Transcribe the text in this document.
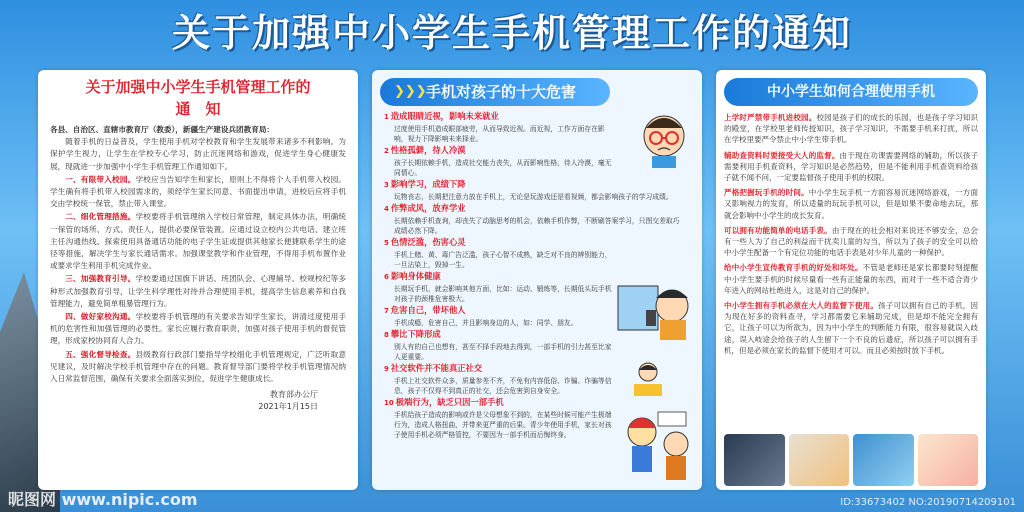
关于加强中小学生手机管理工作的通知
关于加强中小学生手机管理工作的
通　知
各县、自治区、直辖市教育厅（教委），新疆生产建设兵团教育局：

随着手机的日益普及，学生使用手机对学校教育和学生发展带来诸多不利影响。为保护学生视力，让学生在学校专心学习，防止沉迷网络和游戏，促进学生身心健康发展，现就进一步加强中小学生手机管理工作通知如下。

一、有限带入校园。学校应当告知学生和家长，原则上不得将个人手机带入校园。学生确有将手机带入校园需求的，须经学生家长同意、书面提出申请，进校后应将手机交由学校统一保管，禁止带入课堂。

二、细化管理措施。学校要将手机管理纳入学校日常管理，制定具体办法，明确统一保管的场所、方式、责任人，提供必要保管装置。应通过设立校内公共电话、建立班主任沟通热线、探索使用具备通话功能的电子学生证或提供其他家长便捷联系学生的途径等措施，解决学生与家长通话需求。加强课堂教学和作业管理，不得用手机布置作业或要求学生利用手机完成作业。

三、加强教育引导。学校要通过国旗下讲话、班团队会、心理辅导、校规校纪等多种形式加强教育引导，让学生科学理性对待并合理使用手机，提高学生信息素养和自我管理能力，避免简单粗暴管理行为。

四、做好家校沟通。学校要将手机管理的有关要求告知学生家长，讲清过度使用手机的危害性和加强管理的必要性。家长应履行教育职责，加强对孩子使用手机的督促管理，形成家校协同育人合力。

五、强化督导检查。县级教育行政部门要指导学校细化手机管理规定，广泛听取意见建议，及时解决学校手机管理中存在的问题。教育督导部门要将学校手机管理情况纳入日常监督范围，确保有关要求全面落实到位，促进学生健康成长。

教育部办公厅
2021年1月15日
❯❯❯ 手机对孩子的十大危害
1 造成眼睛近视，影响未来就业
过度使用手机造成眼部疲劳，从而导致近视。而近视，工作方面存在影响，视力下降影响未来择业。
2 性格孤僻，待人冷漠
孩子长期依赖手机，造成社交能力丧失，从而影响性格，待人冷漠，毫无同情心。
3 影响学习，成绩下降
玩物丧志，长期把注意力放在手机上，无论是玩游戏还是看视频，都会影响孩子的学习成绩。
4 作弊成风，放弃学业
长期依赖手机查询，却丧失了动脑思考的机会，依赖手机作弊，不断刷答案学习，只图交差取巧成绩必然下降。
5 色情泛滥，伤害心灵
手机上赌、黄、毒广告泛滥，孩子心智不成熟，缺乏对不良的辨别能力，一旦沾染上，毁掉一生。
6 影响身体健康
长期玩手机，就会影响其他方面，比如：运动、锻炼等，长期低头玩手机对孩子的颈椎危害极大。
7 危害自己，带坏他人
手机成瘾，危害自己，并且影响身边的人，如：同学、朋友。
8 攀比下降形成
别人有的自己也想有，甚至不择手段地去得到，一部手机的引力甚至比家人更重要。
9 社交软件并不能真正社交
手机上社交软件众多，质量参差不齐，不免有内容低俗、诈骗、诈骗等信息，孩子不仅得不到真正的社交，还会危害到自身安全。
10 极端行为，缺乏只因一部手机
手机给孩子造成的影响或许是父母想象不到的，在某些时候可能产生极端行为，造成人格扭曲，并带来更严重的后果。青少年使用手机，家长对孩子使用手机必须严格管控，不要因为一部手机而后悔终身。
中小学生如何合理使用手机

上学时严禁带手机进校园。校园是孩子们的成长的乐园，也是孩子学习知识的殿堂，在学校里老师传授知识，孩子学习知识，不需要手机来打扰，所以在学校里要严令禁止中小学生带手机。

辅助查资料时要接受大人的监督。由于现在功课需要网络的辅助，所以孩子需要利用手机查资料，学习知识是必然趋势，但是不能利用手机查资料给孩子就不闻不问，一定要监督孩子使用手机的权限。

严格把握玩手机的时间。中小学生玩手机一方面容易沉迷网络游戏，一方面又影响视力的发育，所以适量的玩玩手机可以，但是如果不要命地去玩，那就会影响中小学生的成长发育。

可以拥有功能简单的电话手表。由于现在的社会相对来说还不够安全，总会有一些人为了自己的利益而干扰卖儿童的勾当，所以为了孩子的安全可以给中小学生配备一个有定位功能的电话手表是对少年儿童的一种保护。

给中小学生宣传教育手机的好处和坏处。不管是老师还是家长都要时刻提醒中小学生要手机的时候尽量看一些有正能量的东西，而对于一些不适合青少年进入的网站杜绝进入，这是对自己的保护。

中小学生拥有手机必须在大人的监督下使用。孩子可以拥有自己的手机，因为现在好多的资料查寻，学习都需要它来辅助完成，但是却不能完全拥有它，让孩子可以为所欲为，因为中小学生的判断能力有限，很容易就误入歧途，误入岐途会给孩子的人生留下一个不良的后遗症，所以孩子可以拥有手机，但是必须在家长的监督下使用才可以。而且必须按时放下手机。

昵图网 www.nipic.com	ID:33673402 NO:20190714209101
